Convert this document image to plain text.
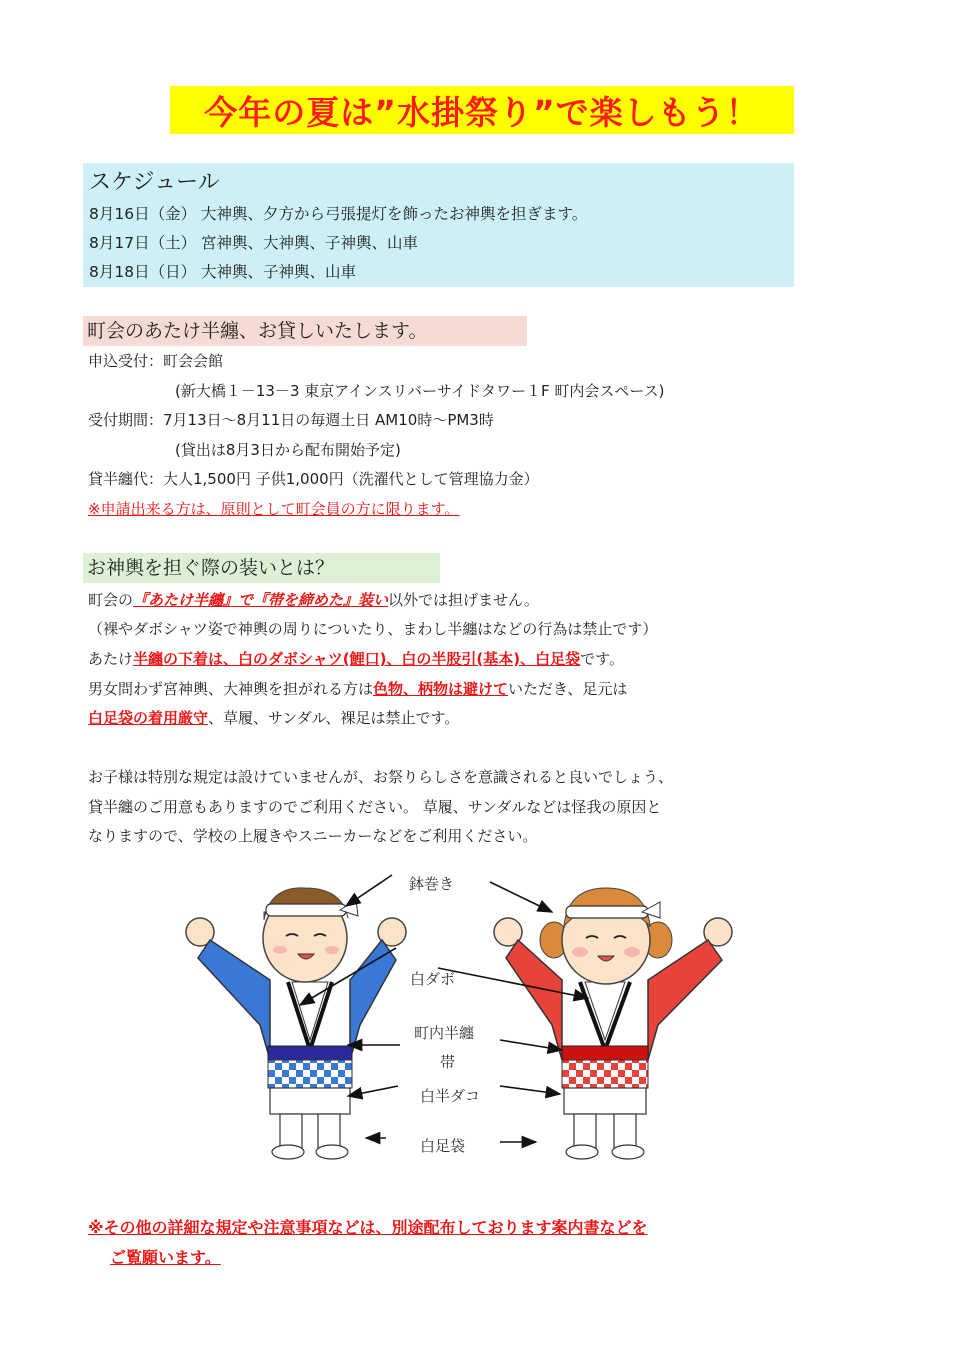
今年の夏は”水掛祭り”で楽しもう！
スケジュール
8月16日（金） 大神輿、夕方から弓張提灯を飾ったお神輿を担ぎます。
8月17日（土） 宮神輿、大神輿、子神輿、山車
8月18日（日） 大神輿、子神輿、山車
町会のあたけ半纏、お貸しいたします。
申込受付：町会会館
(新大橋１－13－3 東京アインスリバーサイドタワー１F 町内会スペース)
受付期間：7月13日～8月11日の毎週土日 AM10時～PM3時
(貸出は8月3日から配布開始予定)
貸半纏代：大人1,500円 子供1,000円（洗濯代として管理協力金）
※申請出来る方は、原則として町会員の方に限ります。
お神輿を担ぐ際の装いとは？
町会の『あたけ半纏』で『帯を締めた』装い以外では担げません。
（裸やダボシャツ姿で神輿の周りについたり、まわし半纏はなどの行為は禁止です）
あたけ半纏の下着は、白のダボシャツ(鯉口)、白の半股引(基本)、白足袋です。
男女問わず宮神輿、大神輿を担がれる方は色物、柄物は避けていただき、足元は
白足袋の着用厳守、草履、サンダル、裸足は禁止です。
お子様は特別な規定は設けていませんが、お祭りらしさを意識されると良いでしょう、
貸半纏のご用意もありますのでご利用ください。 草履、サンダルなどは怪我の原因と
なりますので、学校の上履きやスニーカーなどをご利用ください。
鉢巻き
白ダボ
町内半纏
帯
白半ダコ
白足袋
※その他の詳細な規定や注意事項などは、別途配布しております案内書などを
ご覧願います。
